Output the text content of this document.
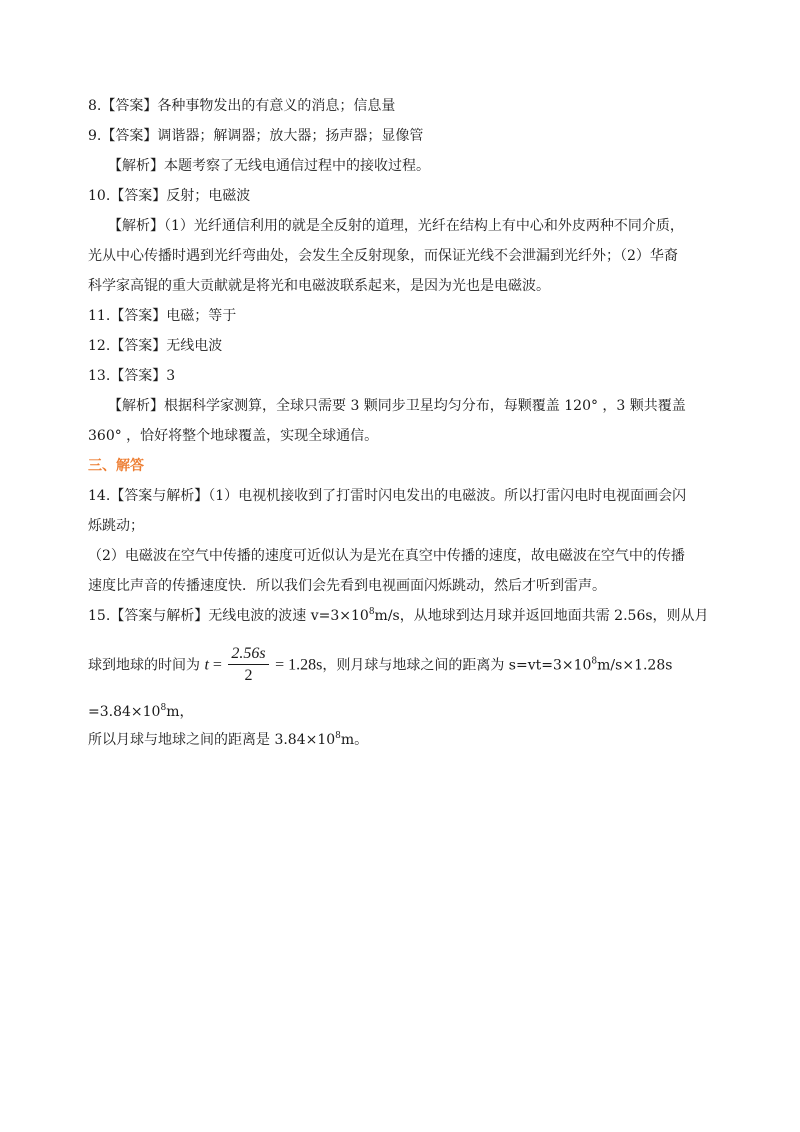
8.【答案】各种事物发出的有意义的消息；信息量
9.【答案】调谐器；解调器；放大器；扬声器；显像管
【解析】本题考察了无线电通信过程中的接收过程。
10.【答案】反射；电磁波
【解析】（1）光纤通信利用的就是全反射的道理，光纤在结构上有中心和外皮两种不同介质，
光从中心传播时遇到光纤弯曲处，会发生全反射现象，而保证光线不会泄漏到光纤外；（2）华裔
科学家高锟的重大贡献就是将光和电磁波联系起来，是因为光也是电磁波。
11.【答案】电磁；等于
12.【答案】无线电波
13.【答案】3
【解析】根据科学家测算，全球只需要 3 颗同步卫星均匀分布，每颗覆盖 120° ，3 颗共覆盖
360° ，恰好将整个地球覆盖，实现全球通信。
三、解答
14.【答案与解析】（1）电视机接收到了打雷时闪电发出的电磁波。所以打雷闪电时电视面画会闪
烁跳动；
（2）电磁波在空气中传播的速度可近似认为是光在真空中传播的速度，故电磁波在空气中的传播
速度比声音的传播速度快．所以我们会先看到电视画面闪烁跳动，然后才听到雷声。
15.【答案与解析】无线电波的波速 $v=3\times 10^8m/s$，从地球到达月球并返回地面共需 2.56s，则从月
球到地球的时间为 $t = \frac{2.56s}{2} = 1.28s$，则月球与地球之间的距离为 $s=vt=3\times 10^8m/s\times 1.28s$
$=3.84\times 10^8m$，
所以月球与地球之间的距离是 $3.84\times 10^8m$。
